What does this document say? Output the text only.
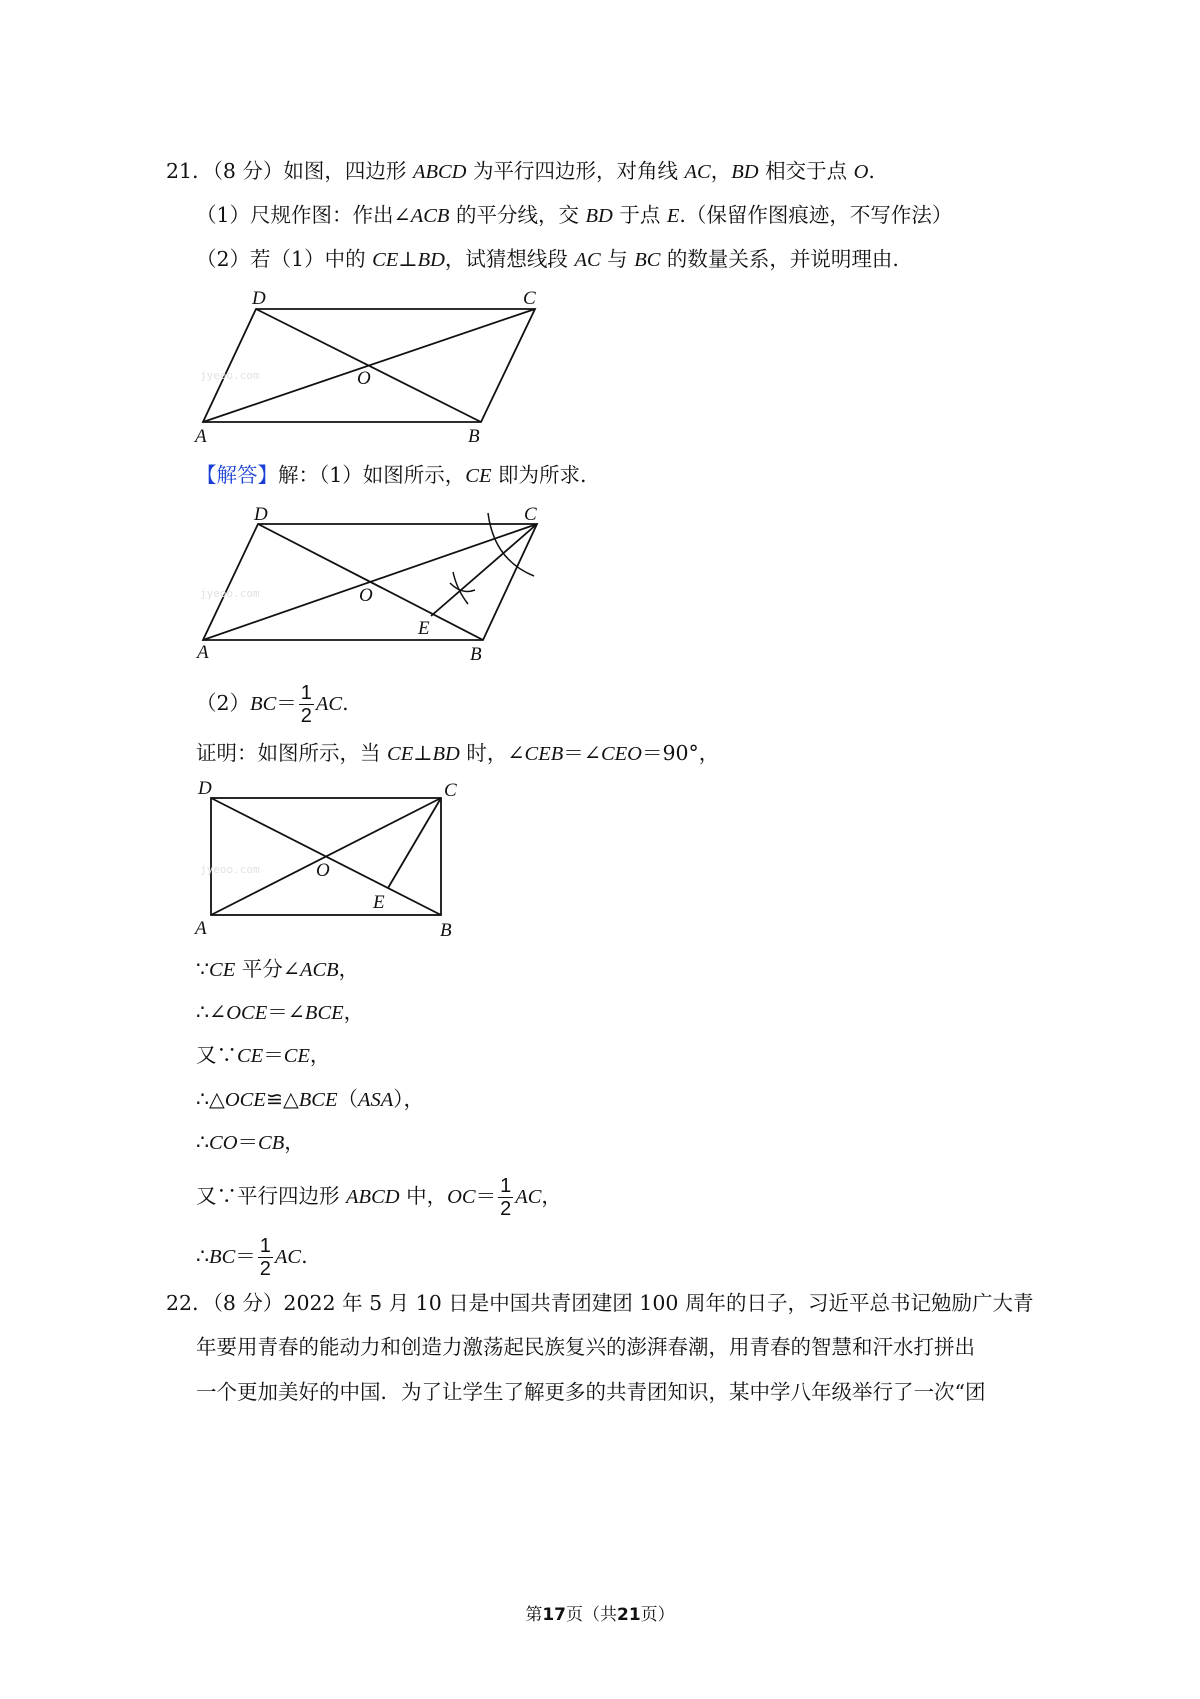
21．（8 分）如图，四边形 ABCD 为平行四边形，对角线 AC，BD 相交于点 O.
（1）尺规作图：作出∠ACB 的平分线，交 BD 于点 E.（保留作图痕迹，不写作法）
（2）若（1）中的 CE⊥BD，试猜想线段 AC 与 BC 的数量关系，并说明理由.
D	C
O
A	B
jyeoo.com
【解答】解：（1）如图所示，CE 即为所求.
D	C
O
E
A	B
jyeoo.com
$(2)BC= \frac{1}{2}$ AC.
证明：如图所示，当 CE⊥BD 时，∠CEB＝∠CEO＝90°，
D	C
O
E
A	B
jyeoo.com
∵CE 平分∠ACB，
∴∠OCE＝∠BCE，
又∵CE＝CE，
∴△OCE≌△BCE（ASA），
∴CO＝CB，
又∵平行四边形 ABCD 中，$OC= \frac{1}{2}$ AC，
∴BC＝ $\frac{1}{2}$ AC.
22．（8 分）2022 年 5 月 10 日是中国共青团建团 100 周年的日子，习近平总书记勉励广大青
年要用青春的能动力和创造力激荡起民族复兴的澎湃春潮，用青春的智慧和汗水打拼出
一个更加美好的中国．为了让学生了解更多的共青团知识，某中学八年级举行了一次“团
第17页（共21页）
